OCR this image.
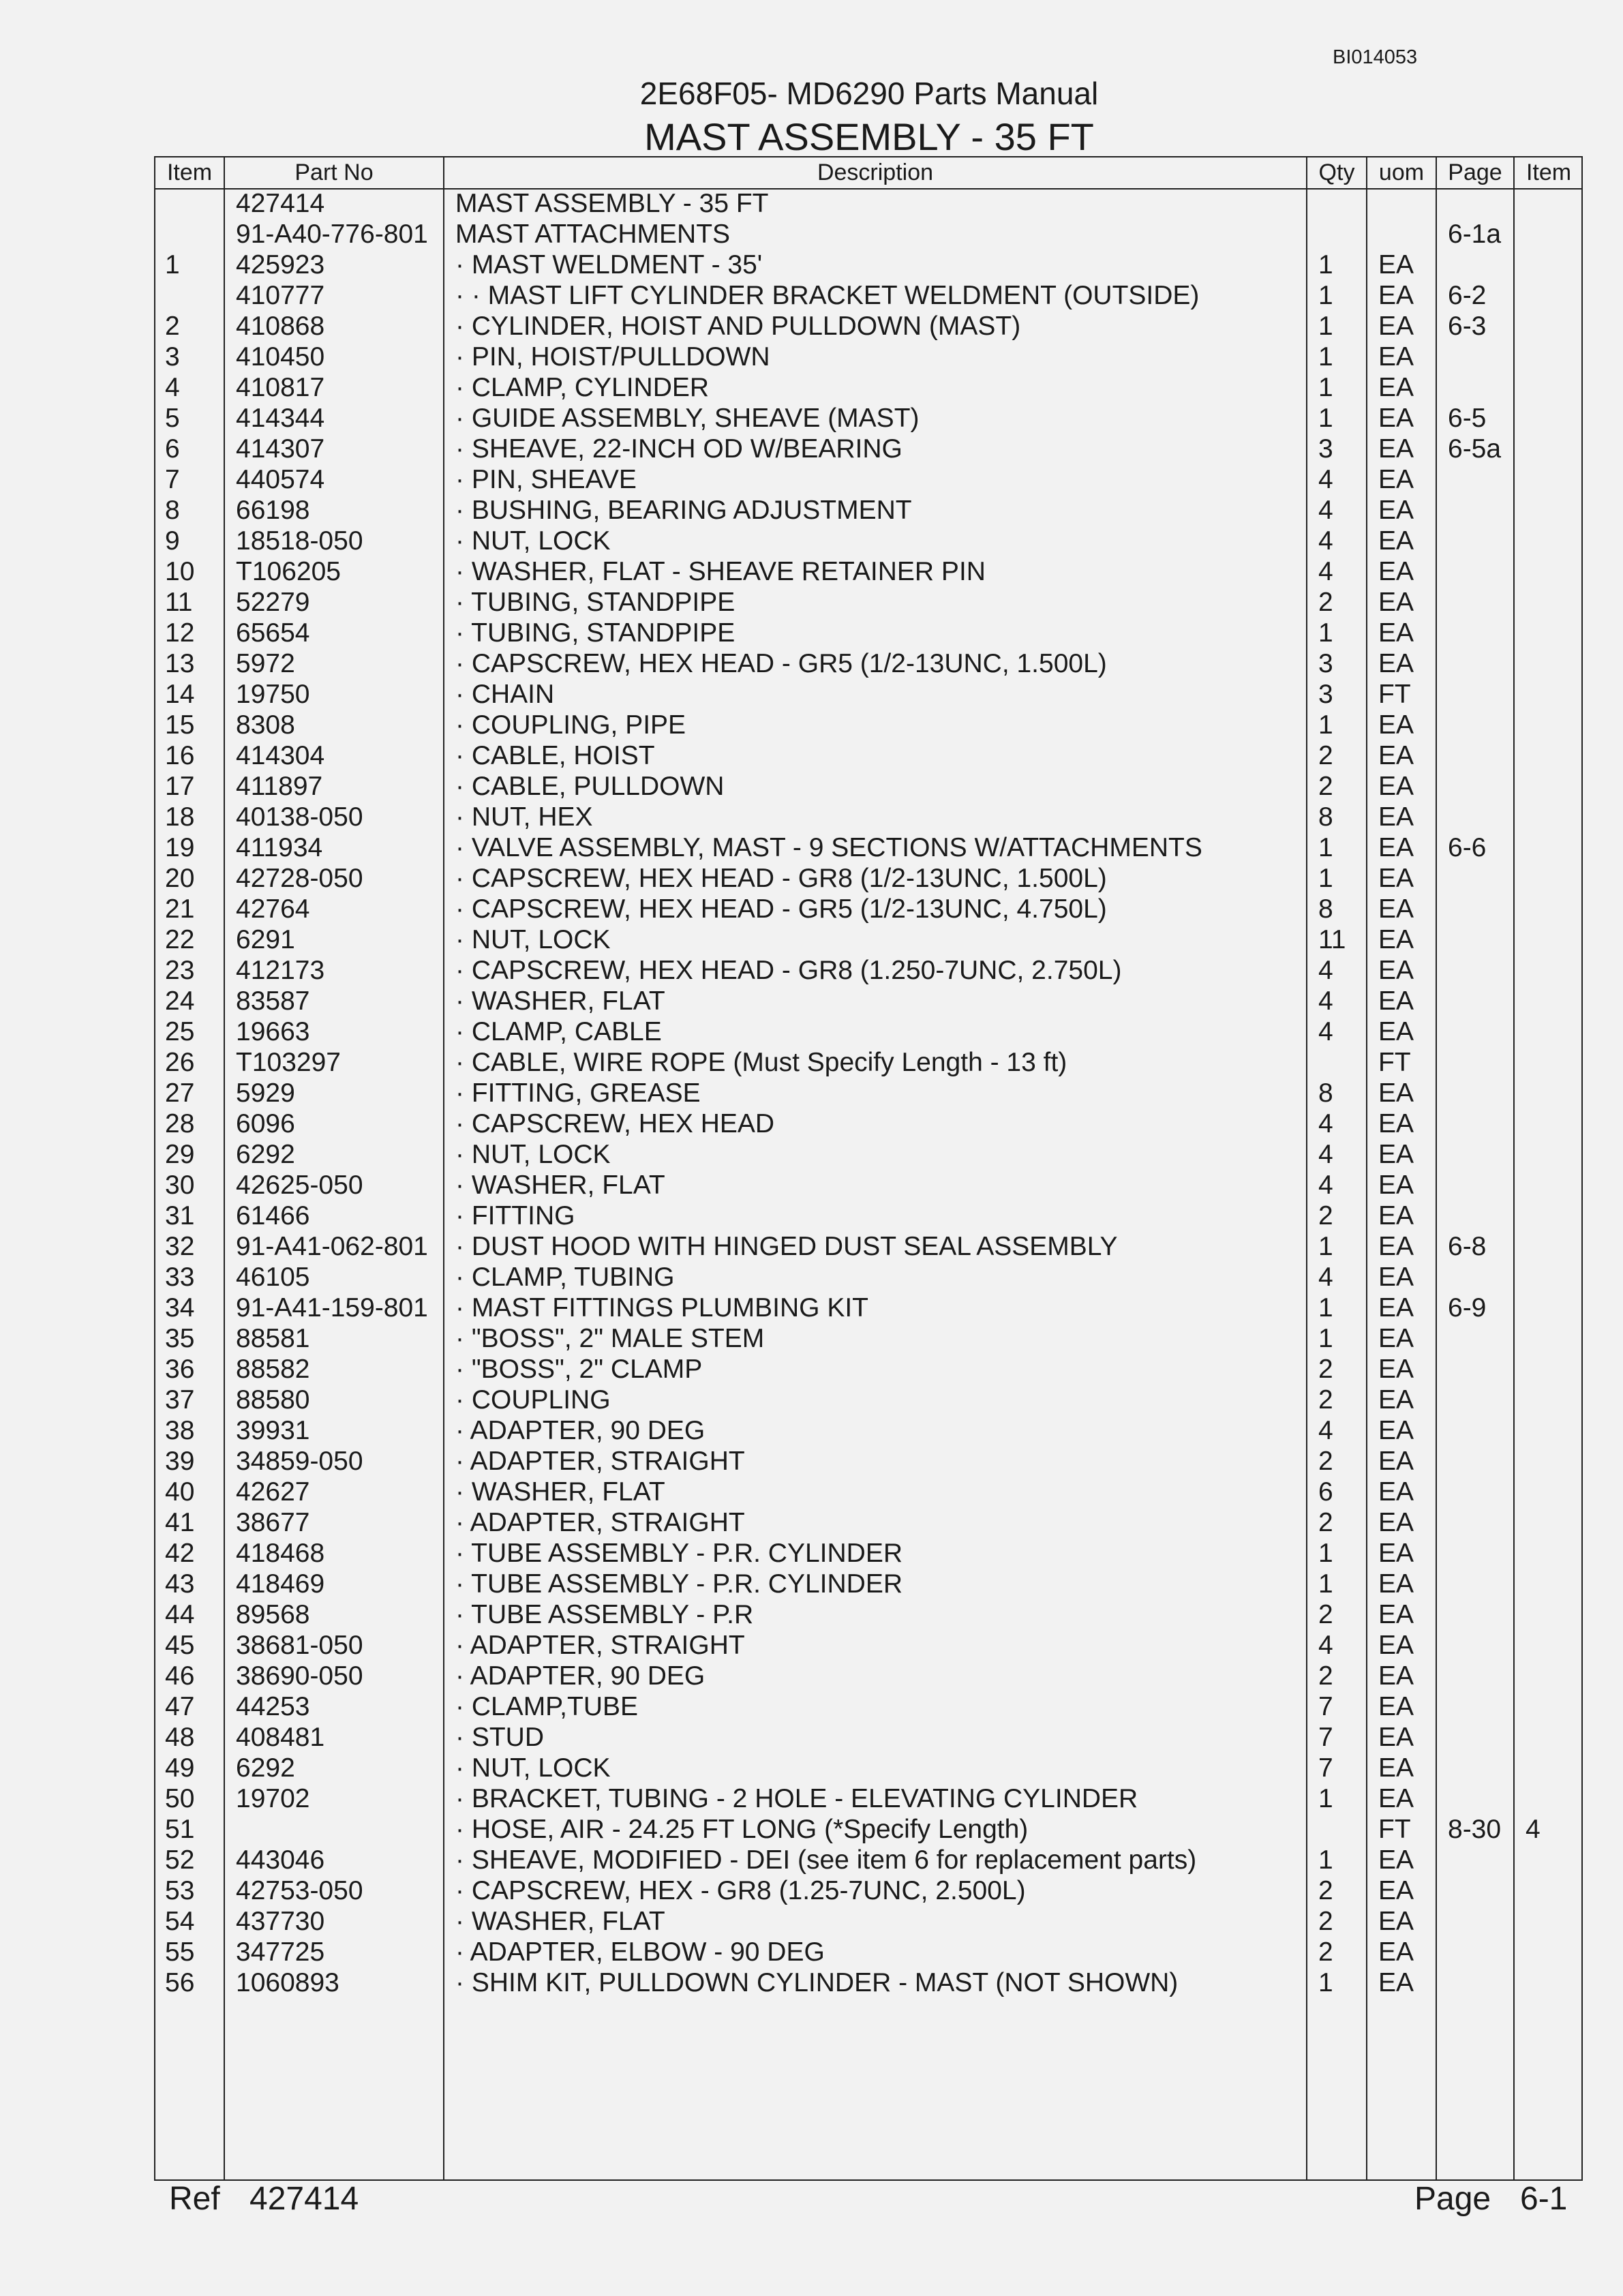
BI014053
2E68F05- MD6290 Parts Manual
MAST ASSEMBLY - 35 FT
Item	Part No	Description	Qty	uom	Page	Item
427414	MAST ASSEMBLY - 35 FT
91-A40-776-801 MAST ATTACHMENTS	6-1a
1 425923	· MAST WELDMENT - 35'	1 EA
410777	· · MAST LIFT CYLINDER BRACKET WELDMENT (OUTSIDE)	1 EA 6-2
2 410868	· CYLINDER, HOIST AND PULLDOWN (MAST)	1 EA 6-3
3 410450	· PIN, HOIST/PULLDOWN	1 EA
4 410817	· CLAMP, CYLINDER	1 EA
5 414344	· GUIDE ASSEMBLY, SHEAVE (MAST)	1 EA 6-5
6 414307	· SHEAVE, 22-INCH OD W/BEARING	3 EA 6-5a
7 440574	· PIN, SHEAVE	4 EA
8 66198	· BUSHING, BEARING ADJUSTMENT	4 EA
9 18518-050	· NUT, LOCK	4 EA
10 T106205	· WASHER, FLAT - SHEAVE RETAINER PIN	4 EA
11 52279	· TUBING, STANDPIPE	2 EA
12 65654	· TUBING, STANDPIPE	1 EA
13 5972	· CAPSCREW, HEX HEAD - GR5 (1/2-13UNC, 1.500L)	3 EA
14 19750	· CHAIN	3 FT
15 8308	· COUPLING, PIPE	1 EA
16 414304	· CABLE, HOIST	2 EA
17 411897	· CABLE, PULLDOWN	2 EA
18 40138-050	· NUT, HEX	8 EA
19 411934	· VALVE ASSEMBLY, MAST - 9 SECTIONS W/ATTACHMENTS	1 EA 6-6
20 42728-050	· CAPSCREW, HEX HEAD - GR8 (1/2-13UNC, 1.500L)	1 EA
21 42764	· CAPSCREW, HEX HEAD - GR5 (1/2-13UNC, 4.750L)	8 EA
22 6291	· NUT, LOCK	11 EA
23 412173	· CAPSCREW, HEX HEAD - GR8 (1.250-7UNC, 2.750L)	4 EA
24 83587	· WASHER, FLAT	4 EA
25 19663	· CLAMP, CABLE	4 EA
26 T103297	· CABLE, WIRE ROPE (Must Specify Length - 13 ft)	FT
27 5929	· FITTING, GREASE	8 EA
28 6096	· CAPSCREW, HEX HEAD	4 EA
29 6292	· NUT, LOCK	4 EA
30 42625-050	· WASHER, FLAT	4 EA
31 61466	· FITTING	2 EA
32 91-A41-062-801 · DUST HOOD WITH HINGED DUST SEAL ASSEMBLY	1 EA 6-8
33 46105	· CLAMP, TUBING	4 EA
34 91-A41-159-801 · MAST FITTINGS PLUMBING KIT	1 EA 6-9
35 88581	· "BOSS", 2" MALE STEM	1 EA
36 88582	· "BOSS", 2" CLAMP	2 EA
37 88580	· COUPLING	2 EA
38 39931	· ADAPTER, 90 DEG	4 EA
39 34859-050	· ADAPTER, STRAIGHT	2 EA
40 42627	· WASHER, FLAT	6 EA
41 38677	· ADAPTER, STRAIGHT	2 EA
42 418468	· TUBE ASSEMBLY - P.R. CYLINDER	1 EA
43 418469	· TUBE ASSEMBLY - P.R. CYLINDER	1 EA
44 89568	· TUBE ASSEMBLY - P.R	2 EA
45 38681-050	· ADAPTER, STRAIGHT	4 EA
46 38690-050	· ADAPTER, 90 DEG	2 EA
47 44253	· CLAMP,TUBE	7 EA
48 408481	· STUD	7 EA
49 6292	· NUT, LOCK	7 EA
50 19702	· BRACKET, TUBING - 2 HOLE - ELEVATING CYLINDER	1 EA
51	· HOSE, AIR - 24.25 FT LONG (*Specify Length)	FT 8-30 4
52 443046	· SHEAVE, MODIFIED - DEI (see item 6 for replacement parts)	1 EA
53 42753-050	· CAPSCREW, HEX - GR8 (1.25-7UNC, 2.500L)	2 EA
54 437730	· WASHER, FLAT	2 EA
55 347725	· ADAPTER, ELBOW - 90 DEG	2 EA
56 1060893	· SHIM KIT, PULLDOWN CYLINDER - MAST (NOT SHOWN)	1 EA
Ref 427414	Page 6-1
